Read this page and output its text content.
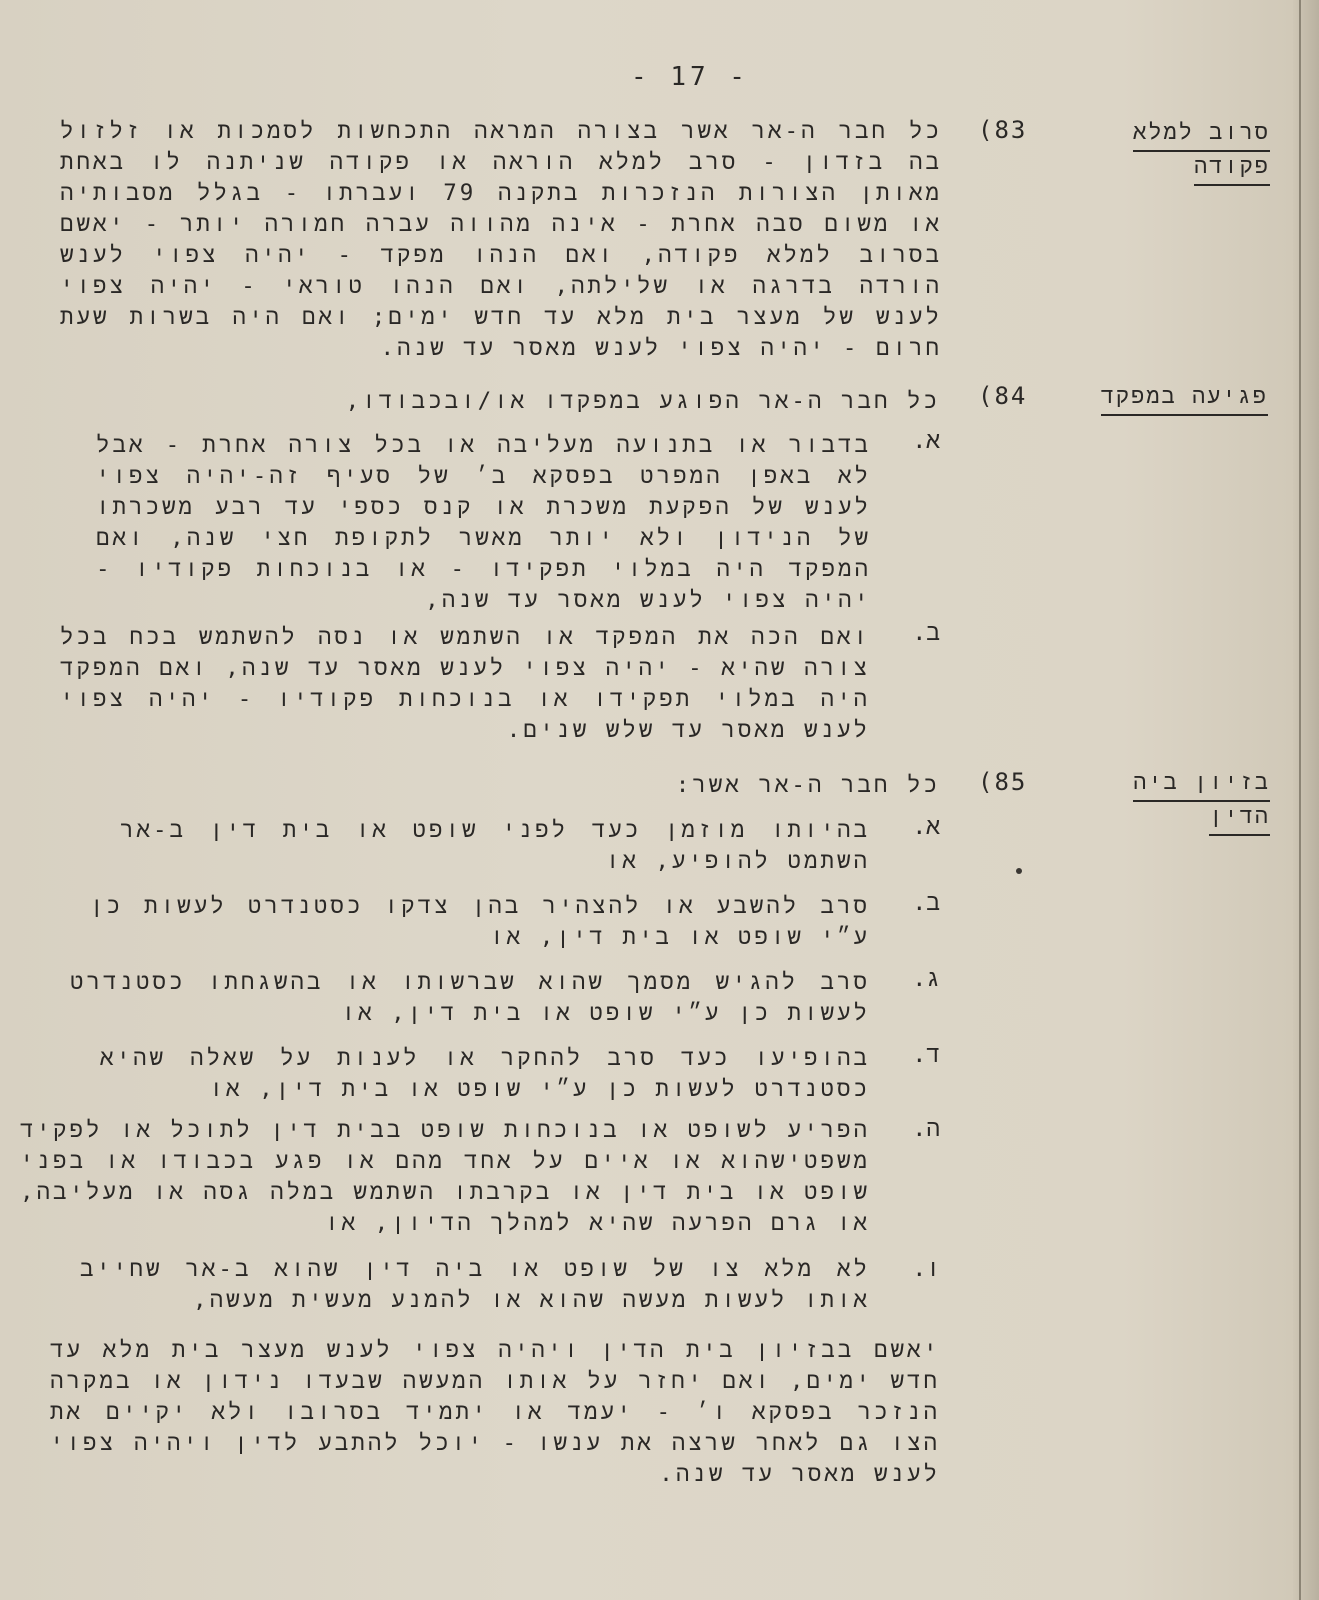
- 17 -
סרוב למלא
פקודה
(83
כל חבר ה-אר אשר בצורה המראה התכחשות לסמכות או זלזול בה בזדון - סרב למלא הוראה או פקודה שניתנה לו באחת מאותן הצורות הנזכרות בתקנה 79 ועברתו - בגלל מסבותיה או משום סבה אחרת - אינה מהווה עברה חמורה יותר - יאשם בסרוב למלא פקודה, ואם הנהו מפקד - יהיה צפוי לענש הורדה בדרגה או שלילתה, ואם הנהו טוראי - יהיה צפוי לענש של מעצר בית מלא עד חדש ימים; ואם היה בשרות שעת חרום - יהיה צפוי לענש מאסר עד שנה.
פגיעה במפקד
(84
כל חבר ה-אר הפוגע במפקדו או/ובכבודו,
א.
בדבור או בתנועה מעליבה או בכל צורה אחרת - אבל לא באפן המפרט בפסקא ב׳ של סעיף זה-יהיה צפוי לענש של הפקעת משכרת או קנס כספי עד רבע משכרתו של הנידון ולא יותר מאשר לתקופת חצי שנה, ואם המפקד היה במלוי תפקידו - או בנוכחות פקודיו - יהיה צפוי לענש מאסר עד שנה,
ב.
ואם הכה את המפקד או השתמש או נסה להשתמש בכח בכל צורה שהיא - יהיה צפוי לענש מאסר עד שנה, ואם המפקד היה במלוי תפקידו או בנוכחות פקודיו - יהיה צפוי לענש מאסר עד שלש שנים.
בזיון ביה
הדין
(85
כל חבר ה-אר אשר:
א.
בהיותו מוזמן כעד לפני שופט או בית דין ב-אר השתמט להופיע, או
ב.
סרב להשבע או להצהיר בהן צדקו כסטנדרט לעשות כן ע״י שופט או בית דין, או
ג.
סרב להגיש מסמך שהוא שברשותו או בהשגחתו כסטנדרט לעשות כן ע״י שופט או בית דין, או
ד.
בהופיעו כעד סרב להחקר או לענות על שאלה שהיא כסטנדרט לעשות כן ע״י שופט או בית דין, או
ה.
הפריע לשופט או בנוכחות שופט בבית דין לתוכל או לפקיד משפטישהוא או איים על אחד מהם או פגע בכבודו או בפני שופט או בית דין או בקרבתו השתמש במלה גסה או מעליבה, או גרם הפרעה שהיא למהלך הדיון, או
ו.
לא מלא צו של שופט או ביה דין שהוא ב-אר שחייב אותו לעשות מעשה שהוא או להמנע מעשית מעשה,
יאשם בבזיון בית הדין ויהיה צפוי לענש מעצר בית מלא עד חדש ימים, ואם יחזר על אותו המעשה שבעדו נידון או במקרה הנזכר בפסקא ו׳ - יעמד או יתמיד בסרובו ולא יקיים את הצו גם לאחר שרצה את ענשו - יוכל להתבע לדין ויהיה צפוי לענש מאסר עד שנה.
